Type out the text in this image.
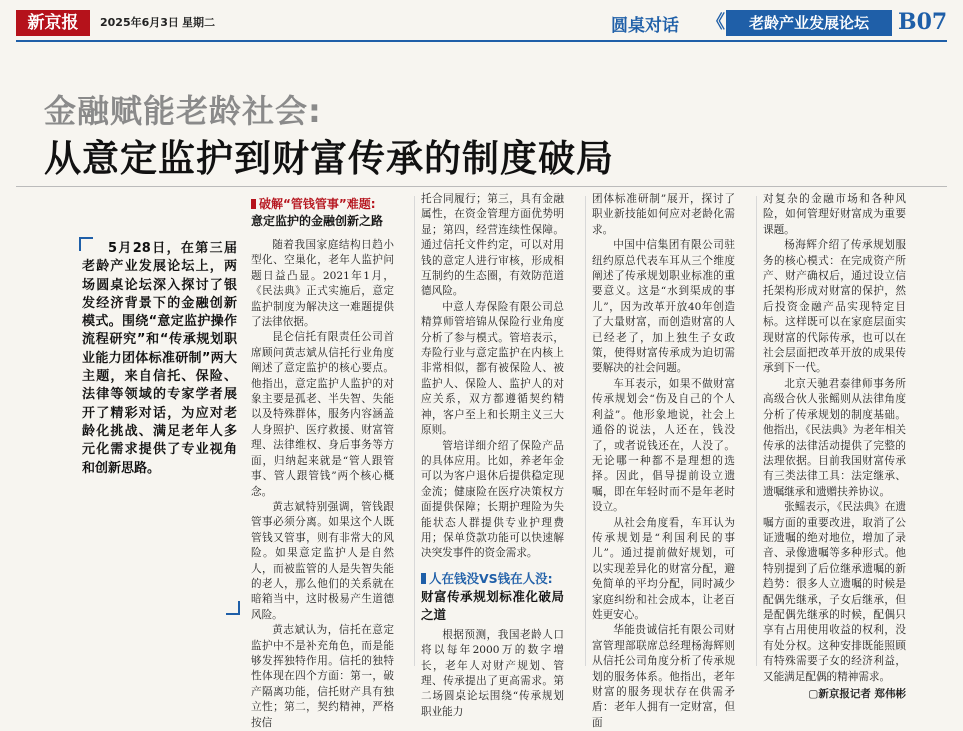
新京报	2025年6月3日 星期二	圆桌对话 《	老龄产业发展论坛	B07
金融赋能老龄社会:
从意定监护到财富传承的制度破局

5月28日，在第三届老龄产业发展论坛上，两场圆桌论坛深入探讨了银发经济背景下的金融创新模式。围绕“意定监护操作流程研究”和“传承规划职业能力团体标准研制”两大主题，来自信托、保险、法律等领域的专家学者展开了精彩对话，为应对老龄化挑战、满足老年人多元化需求提供了专业视角和创新思路。

破解“管钱管事”难题:
意定监护的金融创新之路

随着我国家庭结构日趋小型化、空巢化，老年人监护问题日益凸显。2021年1月，《民法典》正式实施后，意定监护制度为解决这一难题提供了法律依据。

昆仑信托有限责任公司首席顾问黄志斌从信托行业角度阐述了意定监护的核心要点。他指出，意定监护人监护的对象主要是孤老、半失智、失能以及特殊群体，服务内容涵盖人身照护、医疗救援、财富管理、法律维权、身后事务等方面，归纳起来就是“管人跟管事、管人跟管钱”两个核心概念。

黄志斌特别强调，管钱跟管事必须分离。如果这个人既管钱又管事，则有非常大的风险。如果意定监护人是自然人，而被监管的人是失智失能的老人，那么他们的关系就在暗箱当中，这时极易产生道德风险。

黄志斌认为，信托在意定监护中不是补充角色，而是能够发挥独特作用。信托的独特性体现在四个方面：第一，破产隔离功能，信托财产具有独立性；第二，契约精神，严格按信

托合同履行；第三，具有金融属性，在资金管理方面优势明显；第四，经营连续性保障。通过信托文件约定，可以对用钱的意定人进行审核，形成相互制约的生态圈，有效防范道德风险。

中意人寿保险有限公司总精算师管培锦从保险行业角度分析了参与模式。管培表示，寿险行业与意定监护在内核上非常相似，都有被保险人、被监护人、保险人、监护人的对应关系，双方都遵循契约精神，客户至上和长期主义三大原则。

管培详细介绍了保险产品的具体应用。比如，养老年金可以为客户退休后提供稳定现金流；健康险在医疗决策权方面提供保障；长期护理险为失能状态人群提供专业护理费用；保单贷款功能可以快速解决突发事件的资金需求。

人在钱没VS钱在人没:
财富传承规划标准化破局之道

根据预测，我国老龄人口将以每年2000万的数字增长，老年人对财产规划、管理、传承提出了更高需求。第二场圆桌论坛围绕“传承规划职业能力

团体标准研制”展开，探讨了职业新技能如何应对老龄化需求。

中国中信集团有限公司驻纽约原总代表车耳从三个维度阐述了传承规划职业标准的重要意义。这是“水到渠成的事儿”，因为改革开放40年创造了大量财富，而创造财富的人已经老了，加上独生子女政策，使得财富传承成为迫切需要解决的社会问题。

车耳表示，如果不做财富传承规划会“伤及自己的个人利益”。他形象地说，社会上通俗的说法，人还在，钱没了，或者说钱还在，人没了。无论哪一种都不是理想的选择。因此，倡导提前设立遗嘱，即在年轻时而不是年老时设立。

从社会角度看，车耳认为传承规划是“利国利民的事儿”。通过提前做好规划，可以实现差异化的财富分配，避免简单的平均分配，同时减少家庭纠纷和社会成本，让老百姓更安心。

华能贵诚信托有限公司财富管理部联席总经理杨海辉则从信托公司角度分析了传承规划的服务体系。他指出，老年财富的服务现状存在供需矛盾：老年人拥有一定财富，但面

对复杂的金融市场和各种风险，如何管理好财富成为重要课题。

杨海辉介绍了传承规划服务的核心模式：在完成资产所产、财产确权后，通过设立信托架构形成对财富的保护，然后投资金融产品实现特定目标。这样既可以在家庭层面实现财富的代际传承，也可以在社会层面把改革开放的成果传承到下一代。

北京天驰君泰律师事务所高级合伙人张鳐则从法律角度分析了传承规划的制度基础。他指出，《民法典》为老年相关传承的法律活动提供了完整的法理依据。目前我国财富传承有三类法律工具：法定继承、遗嘱继承和遗赠扶养协议。

张鳐表示，《民法典》在遗嘱方面的重要改进，取消了公证遗嘱的绝对地位，增加了录音、录像遗嘱等多种形式。他特别提到了后位继承遗嘱的新趋势：很多人立遗嘱的时候是配偶先继承，子女后继承，但是配偶先继承的时候，配偶只享有占用使用收益的权利，没有处分权。这种安排既能照顾有特殊需要子女的经济利益，又能满足配偶的精神需求。

▢新京报记者 郑伟彬
